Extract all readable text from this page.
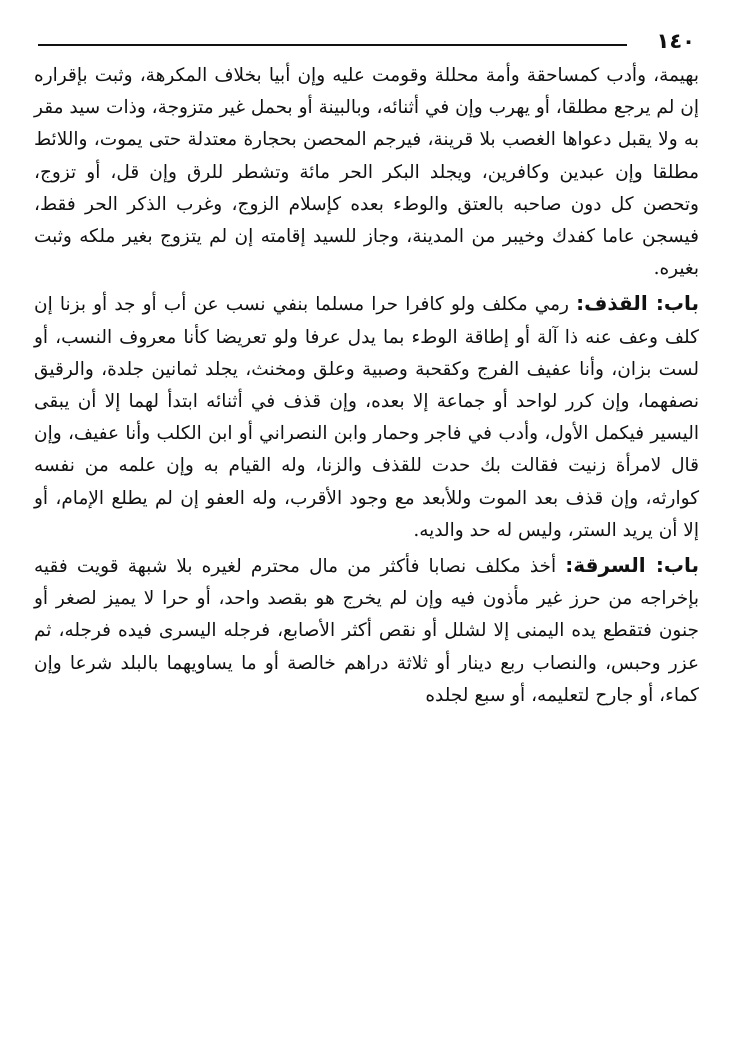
١٤٠

بهيمة، وأدب كمساحقة وأمة محللة وقومت عليه وإن أبيا بخلاف المكرهة، وثبت بإقراره إن لم يرجع مطلقا، أو يهرب وإن في أثنائه، وبالبينة أو بحمل غير متزوجة، وذات سيد مقر به ولا يقبل دعواها الغصب بلا قرينة، فيرجم المحصن بحجارة معتدلة حتى يموت، واللائط مطلقا وإن عبدين وكافرين، ويجلد البكر الحر مائة وتشطر للرق وإن قل، أو تزوج، وتحصن كل دون صاحبه بالعتق والوطء بعده كإسلام الزوج، وغرب الذكر الحر فقط، فيسجن عاما كفدك وخيبر من المدينة، وجاز للسيد إقامته إن لم يتزوج بغير ملكه وثبت بغيره.

باب: القذف: رمي مكلف ولو كافرا حرا مسلما بنفي نسب عن أب أو جد أو بزنا إن كلف وعف عنه ذا آلة أو إطاقة الوطء بما يدل عرفا ولو تعريضا كأنا معروف النسب، أو لست بزان، وأنا عفيف الفرج وكقحبة وصبية وعلق ومخنث، يجلد ثمانين جلدة، والرقيق نصفهما، وإن كرر لواحد أو جماعة إلا بعده، وإن قذف في أثنائه ابتدأ لهما إلا أن يبقى اليسير فيكمل الأول، وأدب في فاجر وحمار وابن النصراني أو ابن الكلب وأنا عفيف، وإن قال لامرأة زنيت فقالت بك حدت للقذف والزنا، وله القيام به وإن علمه من نفسه كوارثه، وإن قذف بعد الموت وللأبعد مع وجود الأقرب، وله العفو إن لم يطلع الإمام، أو إلا أن يريد الستر، وليس له حد والديه.

باب: السرقة: أخذ مكلف نصابا فأكثر من مال محترم لغيره بلا شبهة قويت فقيه بإخراجه من حرز غير مأذون فيه وإن لم يخرج هو بقصد واحد، أو حرا لا يميز لصغر أو جنون فتقطع يده اليمنى إلا لشلل أو نقص أكثر الأصابع، فرجله اليسرى فيده فرجله، ثم عزر وحبس، والنصاب ربع دينار أو ثلاثة دراهم خالصة أو ما يساويهما بالبلد شرعا وإن كماء، أو جارح لتعليمه، أو سبع لجلده
